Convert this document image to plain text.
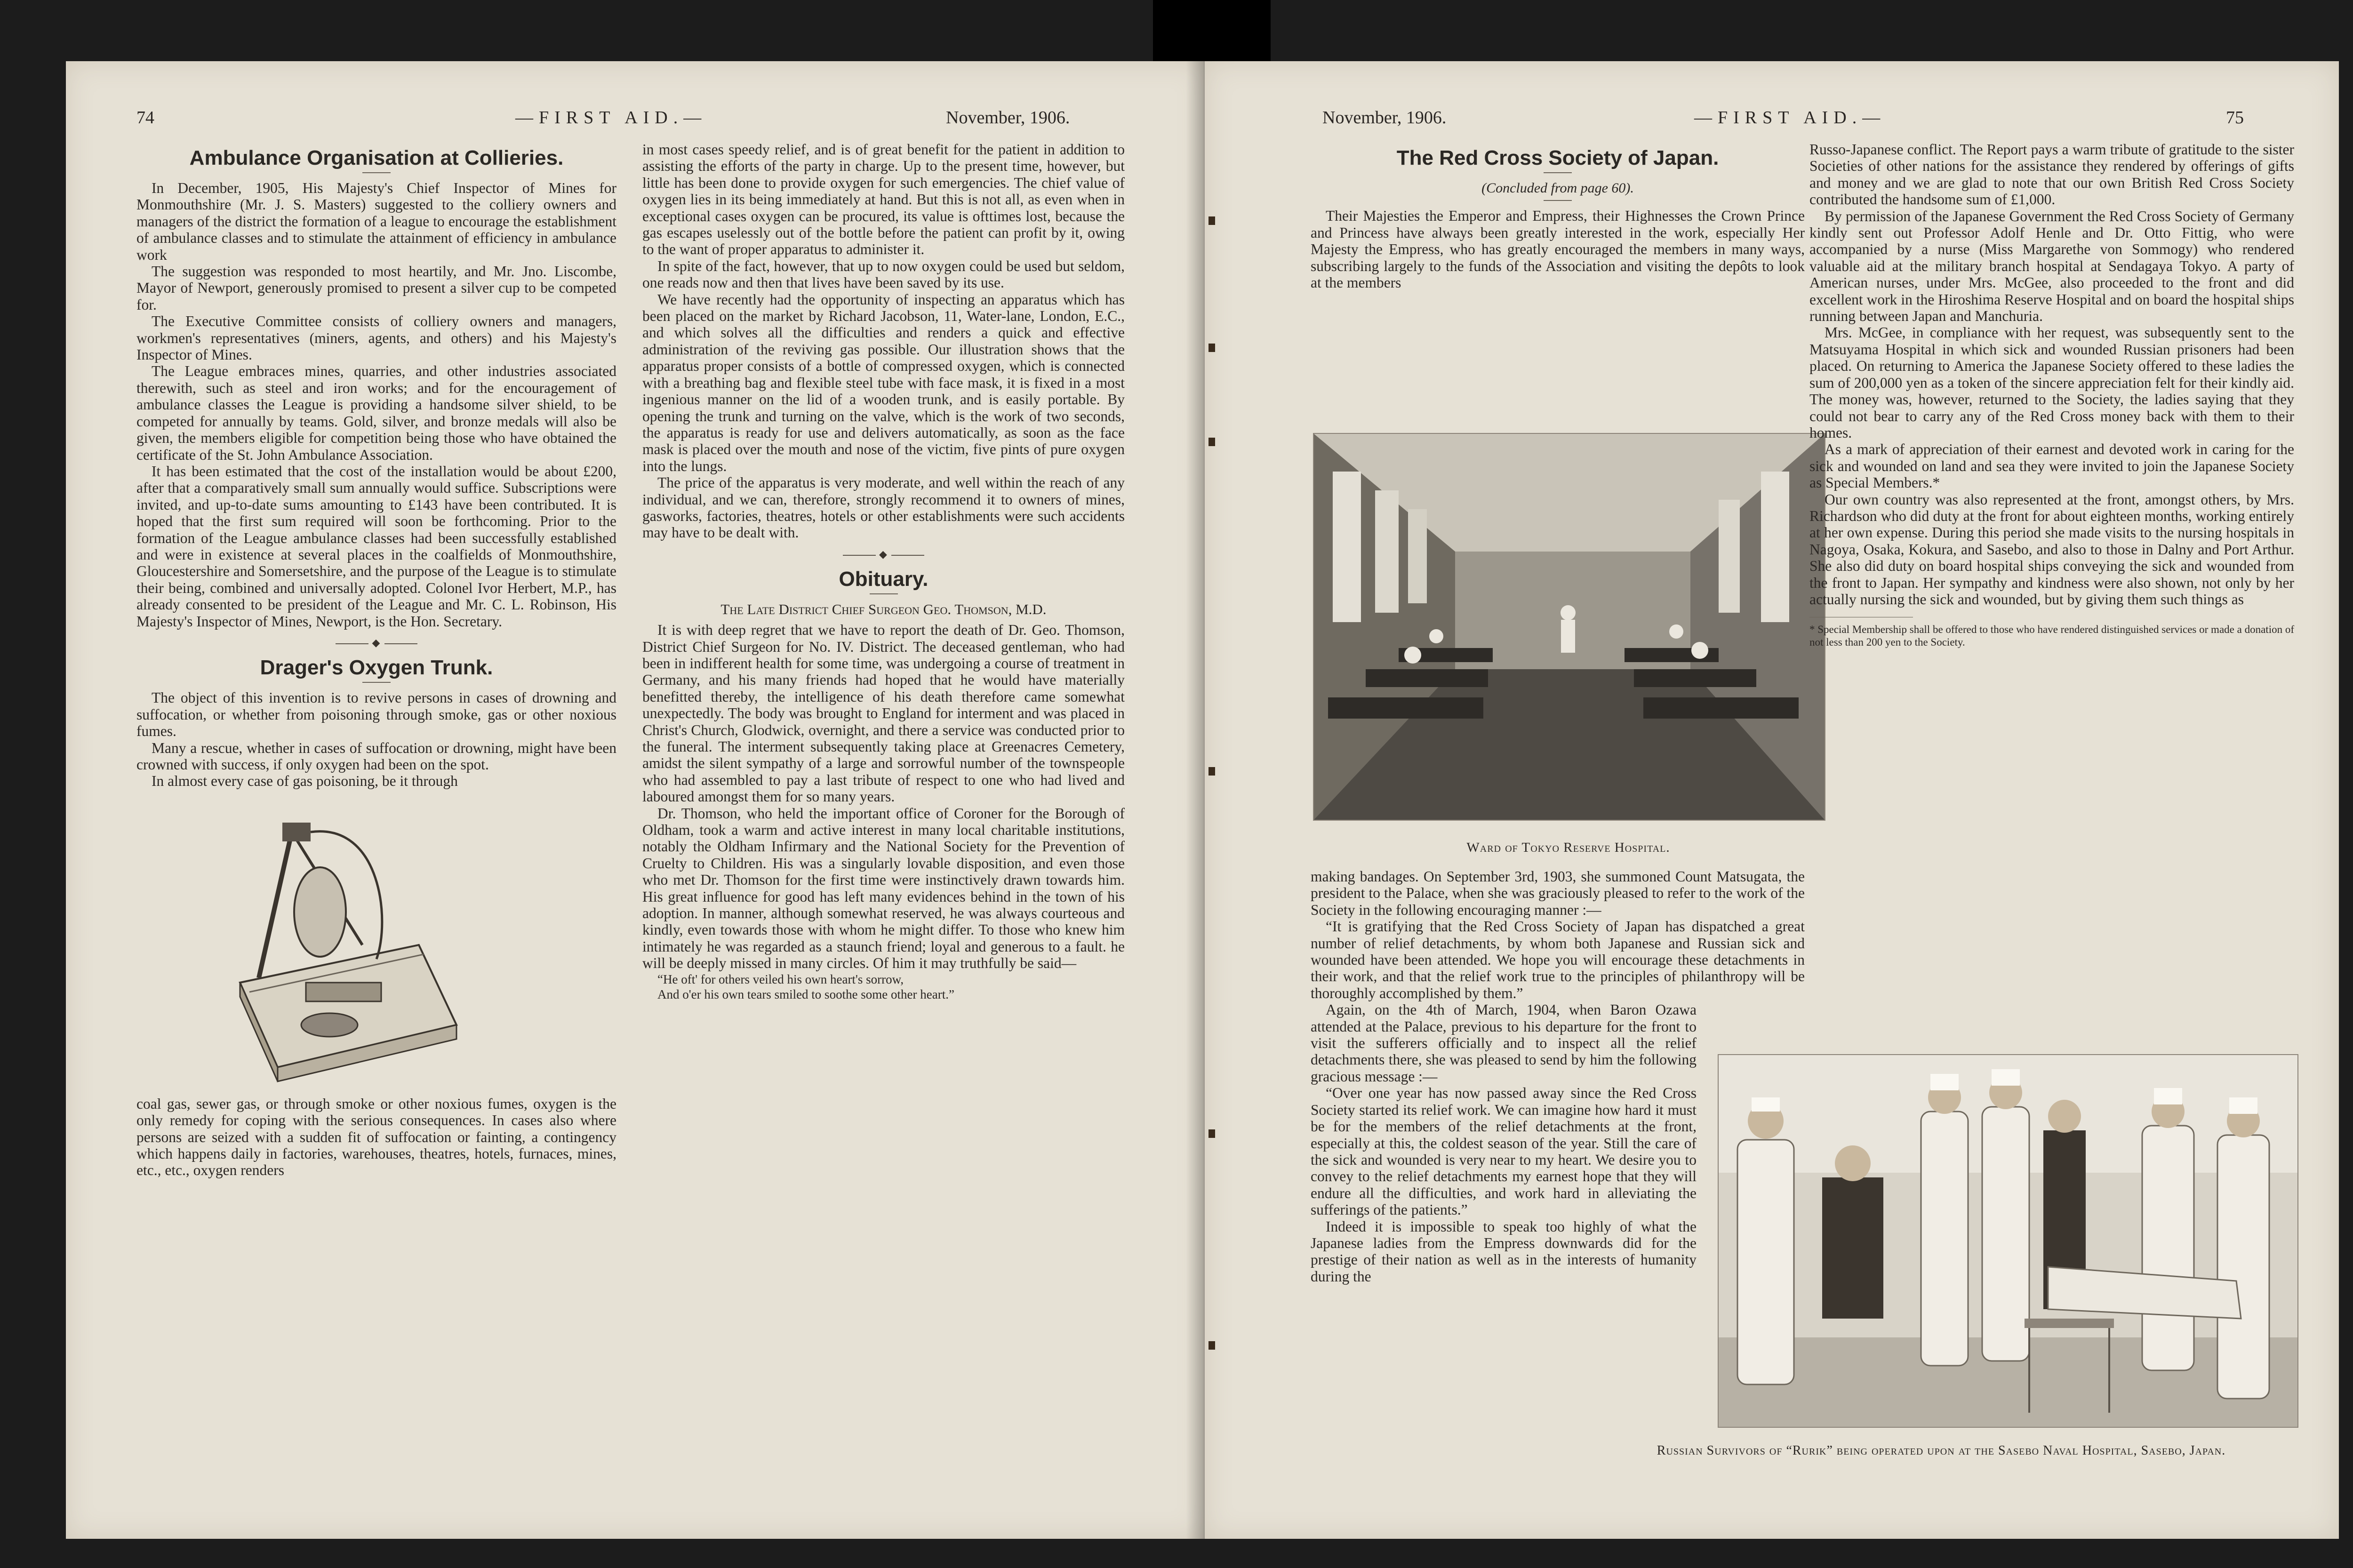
74	—FIRST AID.—	November, 1906.
Ambulance Organisation at Collieries.

In December, 1905, His Majesty's Chief Inspector of Mines for Monmouthshire (Mr. J. S. Masters) suggested to the colliery owners and managers of the district the formation of a league to encourage the establishment of ambulance classes and to stimulate the attainment of efficiency in ambulance work

The suggestion was responded to most heartily, and Mr. Jno. Liscombe, Mayor of Newport, generously promised to present a silver cup to be competed for.

The Executive Committee consists of colliery owners and managers, workmen's representatives (miners, agents, and others) and his Majesty's Inspector of Mines.

The League embraces mines, quarries, and other industries associated therewith, such as steel and iron works; and for the encouragement of ambulance classes the League is providing a handsome silver shield, to be competed for annually by teams. Gold, silver, and bronze medals will also be given, the members eligible for competition being those who have obtained the certificate of the St. John Ambulance Association.

It has been estimated that the cost of the installation would be about £200, after that a comparatively small sum annually would suffice. Subscriptions were invited, and up-to-date sums amounting to £143 have been contributed. It is hoped that the first sum required will soon be forthcoming. Prior to the formation of the League ambulance classes had been successfully established and were in existence at several places in the coalfields of Monmouthshire, Gloucestershire and Somersetshire, and the purpose of the League is to stimulate their being, combined and universally adopted. Colonel Ivor Herbert, M.P., has already consented to be president of the League and Mr. C. L. Robinson, His Majesty's Inspector of Mines, Newport, is the Hon. Secretary.

◆
Drager's Oxygen Trunk.

The object of this invention is to revive persons in cases of drowning and suffocation, or whether from poisoning through smoke, gas or other noxious fumes.

Many a rescue, whether in cases of suffocation or drowning, might have been crowned with success, if only oxygen had been on the spot.

In almost every case of gas poisoning, be it through

coal gas, sewer gas, or through smoke or other noxious fumes, oxygen is the only remedy for coping with the serious consequences. In cases also where persons are seized with a sudden fit of suffocation or fainting, a contingency which happens daily in factories, warehouses, theatres, hotels, furnaces, mines, etc., etc., oxygen renders

in most cases speedy relief, and is of great benefit for the patient in addition to assisting the efforts of the party in charge. Up to the present time, however, but little has been done to provide oxygen for such emergencies. The chief value of oxygen lies in its being immediately at hand. But this is not all, as even when in exceptional cases oxygen can be procured, its value is ofttimes lost, because the gas escapes uselessly out of the bottle before the patient can profit by it, owing to the want of proper apparatus to administer it.

In spite of the fact, however, that up to now oxygen could be used but seldom, one reads now and then that lives have been saved by its use.

We have recently had the opportunity of inspecting an apparatus which has been placed on the market by Richard Jacobson, 11, Water-lane, London, E.C., and which solves all the difficulties and renders a quick and effective administration of the reviving gas possible. Our illustration shows that the apparatus proper consists of a bottle of compressed oxygen, which is connected with a breathing bag and flexible steel tube with face mask, it is fixed in a most ingenious manner on the lid of a wooden trunk, and is easily portable. By opening the trunk and turning on the valve, which is the work of two seconds, the apparatus is ready for use and delivers automatically, as soon as the face mask is placed over the mouth and nose of the victim, five pints of pure oxygen into the lungs.

The price of the apparatus is very moderate, and well within the reach of any individual, and we can, therefore, strongly recommend it to owners of mines, gasworks, factories, theatres, hotels or other establishments were such accidents may have to be dealt with.

◆
Obituary.
The Late District Chief Surgeon Geo. Thomson, M.D.

It is with deep regret that we have to report the death of Dr. Geo. Thomson, District Chief Surgeon for No. IV. District. The deceased gentleman, who had been in indifferent health for some time, was undergoing a course of treatment in Germany, and his many friends had hoped that he would have materially benefitted thereby, the intelligence of his death therefore came somewhat unexpectedly. The body was brought to England for interment and was placed in Christ's Church, Glodwick, overnight, and there a service was conducted prior to the funeral. The interment subsequently taking place at Greenacres Cemetery, amidst the silent sympathy of a large and sorrowful number of the townspeople who had assembled to pay a last tribute of respect to one who had lived and laboured amongst them for so many years.

Dr. Thomson, who held the important office of Coroner for the Borough of Oldham, took a warm and active interest in many local charitable institutions, notably the Oldham Infirmary and the National Society for the Prevention of Cruelty to Children. His was a singularly lovable disposition, and even those who met Dr. Thomson for the first time were instinctively drawn towards him. His great influence for good has left many evidences behind in the town of his adoption. In manner, although somewhat reserved, he was always courteous and kindly, even towards those with whom he might differ. To those who knew him intimately he was regarded as a staunch friend; loyal and generous to a fault. he will be deeply missed in many circles. Of him it may truthfully be said—

“He oft' for others veiled his own heart's sorrow,

And o'er his own tears smiled to soothe some other heart.”

November, 1906.	—FIRST AID.—	75
The Red Cross Society of Japan.
(Concluded from page 60).

Their Majesties the Emperor and Empress, their Highnesses the Crown Prince and Princess have always been greatly interested in the work, especially Her Majesty the Empress, who has greatly encouraged the members in many ways, subscribing largely to the funds of the Association and visiting the depôts to look at the members

Ward of Tokyo Reserve Hospital.

making bandages. On September 3rd, 1903, she summoned Count Matsugata, the president to the Palace, when she was graciously pleased to refer to the work of the Society in the following encouraging manner :—

“It is gratifying that the Red Cross Society of Japan has dispatched a great number of relief detachments, by whom both Japanese and Russian sick and wounded have been attended. We hope you will encourage these detachments in their work, and that the relief work true to the principles of philanthropy will be thoroughly accomplished by them.”

Again, on the 4th of March, 1904, when Baron Ozawa attended at the Palace, previous to his departure for the front to visit the sufferers officially and to inspect all the relief detachments there, she was pleased to send by him the following gracious message :—

“Over one year has now passed away since the Red Cross Society started its relief work. We can imagine how hard it must be for the members of the relief detachments at the front, especially at this, the coldest season of the year. Still the care of the sick and wounded is very near to my heart. We desire you to convey to the relief detachments my earnest hope that they will endure all the difficulties, and work hard in alleviating the sufferings of the patients.”

Indeed it is impossible to speak too highly of what the Japanese ladies from the Empress downwards did for the prestige of their nation as well as in the interests of humanity during the

Russo-Japanese conflict. The Report pays a warm tribute of gratitude to the sister Societies of other nations for the assistance they rendered by offerings of gifts and money and we are glad to note that our own British Red Cross Society contributed the handsome sum of £1,000.

By permission of the Japanese Government the Red Cross Society of Germany kindly sent out Professor Adolf Henle and Dr. Otto Fittig, who were accompanied by a nurse (Miss Margarethe von Sommogy) who rendered valuable aid at the military branch hospital at Sendagaya Tokyo. A party of American nurses, under Mrs. McGee, also proceeded to the front and did excellent work in the Hiroshima Reserve Hospital and on board the hospital ships running between Japan and Manchuria.

Mrs. McGee, in compliance with her request, was subsequently sent to the Matsuyama Hospital in which sick and wounded Russian prisoners had been placed. On returning to America the Japanese Society offered to these ladies the sum of 200,000 yen as a token of the sincere appreciation felt for their kindly aid. The money was, however, returned to the Society, the ladies saying that they could not bear to carry any of the Red Cross money back with them to their homes.

As a mark of appreciation of their earnest and devoted work in caring for the sick and wounded on land and sea they were invited to join the Japanese Society as Special Members.*

Our own country was also represented at the front, amongst others, by Mrs. Richardson who did duty at the front for about eighteen months, working entirely at her own expense. During this period she made visits to the nursing hospitals in Nagoya, Osaka, Kokura, and Sasebo, and also to those in Dalny and Port Arthur. She also did duty on board hospital ships conveying the sick and wounded from the front to Japan. Her sympathy and kindness were also shown, not only by her actually nursing the sick and wounded, but by giving them such things as

* Special Membership shall be offered to those who have rendered distinguished services or made a donation of not less than 200 yen to the Society.
Russian Survivors of “Rurik” being operated upon at the Sasebo Naval Hospital, Sasebo, Japan.
